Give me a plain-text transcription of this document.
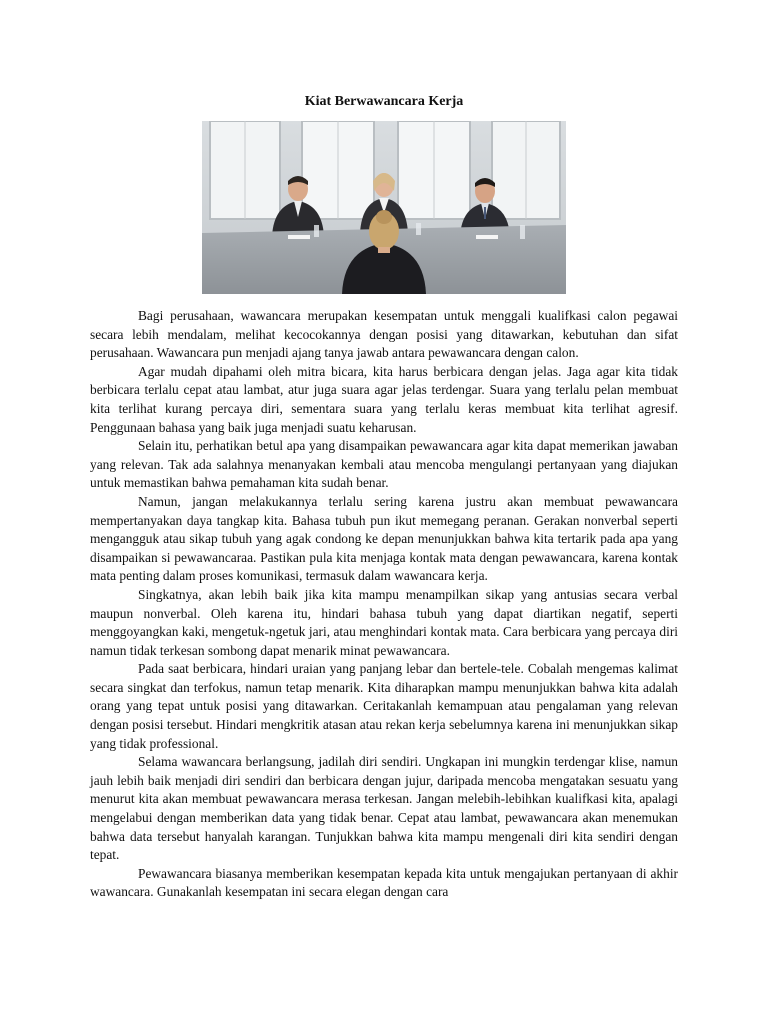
Kiat Berwawancara Kerja

Bagi perusahaan, wawancara merupakan kesempatan untuk menggali kualifkasi calon pegawai secara lebih mendalam, melihat kecocokannya dengan posisi yang ditawarkan, kebutuhan dan sifat perusahaan. Wawancara pun menjadi ajang tanya jawab antara pewawancara dengan calon.

Agar mudah dipahami oleh mitra bicara, kita harus berbicara dengan jelas. Jaga agar kita tidak berbicara terlalu cepat atau lambat, atur juga suara agar jelas terdengar. Suara yang terlalu pelan membuat kita terlihat kurang percaya diri, sementara suara yang terlalu keras membuat kita terlihat agresif. Penggunaan bahasa yang baik juga menjadi suatu keharusan.

Selain itu, perhatikan betul apa yang disampaikan pewawancara agar kita dapat memerikan jawaban yang relevan. Tak ada salahnya menanyakan kembali atau mencoba mengulangi pertanyaan yang diajukan untuk memastikan bahwa pemahaman kita sudah benar.

Namun, jangan melakukannya terlalu sering karena justru akan membuat pewawancara mempertanyakan daya tangkap kita. Bahasa tubuh pun ikut memegang peranan. Gerakan nonverbal seperti mengangguk atau sikap tubuh yang agak condong ke depan menunjukkan bahwa kita tertarik pada apa yang disampaikan si pewawancaraa. Pastikan pula kita menjaga kontak mata dengan pewawancara, karena kontak mata penting dalam proses komunikasi, termasuk dalam wawancara kerja.

Singkatnya, akan lebih baik jika kita mampu menampilkan sikap yang antusias secara verbal maupun nonverbal. Oleh karena itu, hindari bahasa tubuh yang dapat diartikan negatif, seperti menggoyangkan kaki, mengetuk-ngetuk jari, atau menghindari kontak mata. Cara berbicara yang percaya diri namun tidak terkesan sombong dapat menarik minat pewawancara.

Pada saat berbicara, hindari uraian yang panjang lebar dan bertele-tele. Cobalah mengemas kalimat secara singkat dan terfokus, namun tetap menarik. Kita diharapkan mampu menunjukkan bahwa kita adalah orang yang tepat untuk posisi yang ditawarkan. Ceritakanlah kemampuan atau pengalaman yang relevan dengan posisi tersebut. Hindari mengkritik atasan atau rekan kerja sebelumnya karena ini menunjukkan sikap yang tidak professional.

Selama wawancara berlangsung, jadilah diri sendiri. Ungkapan ini mungkin terdengar klise, namun jauh lebih baik menjadi diri sendiri dan berbicara dengan jujur, daripada mencoba mengatakan sesuatu yang menurut kita akan membuat pewawancara merasa terkesan. Jangan melebih-lebihkan kualifkasi kita, apalagi mengelabui dengan memberikan data yang tidak benar. Cepat atau lambat, pewawancara akan menemukan bahwa data tersebut hanyalah karangan. Tunjukkan bahwa kita mampu mengenali diri kita sendiri dengan tepat.

Pewawancara biasanya memberikan kesempatan kepada kita untuk mengajukan pertanyaan di akhir wawancara. Gunakanlah kesempatan ini secara elegan dengan cara
